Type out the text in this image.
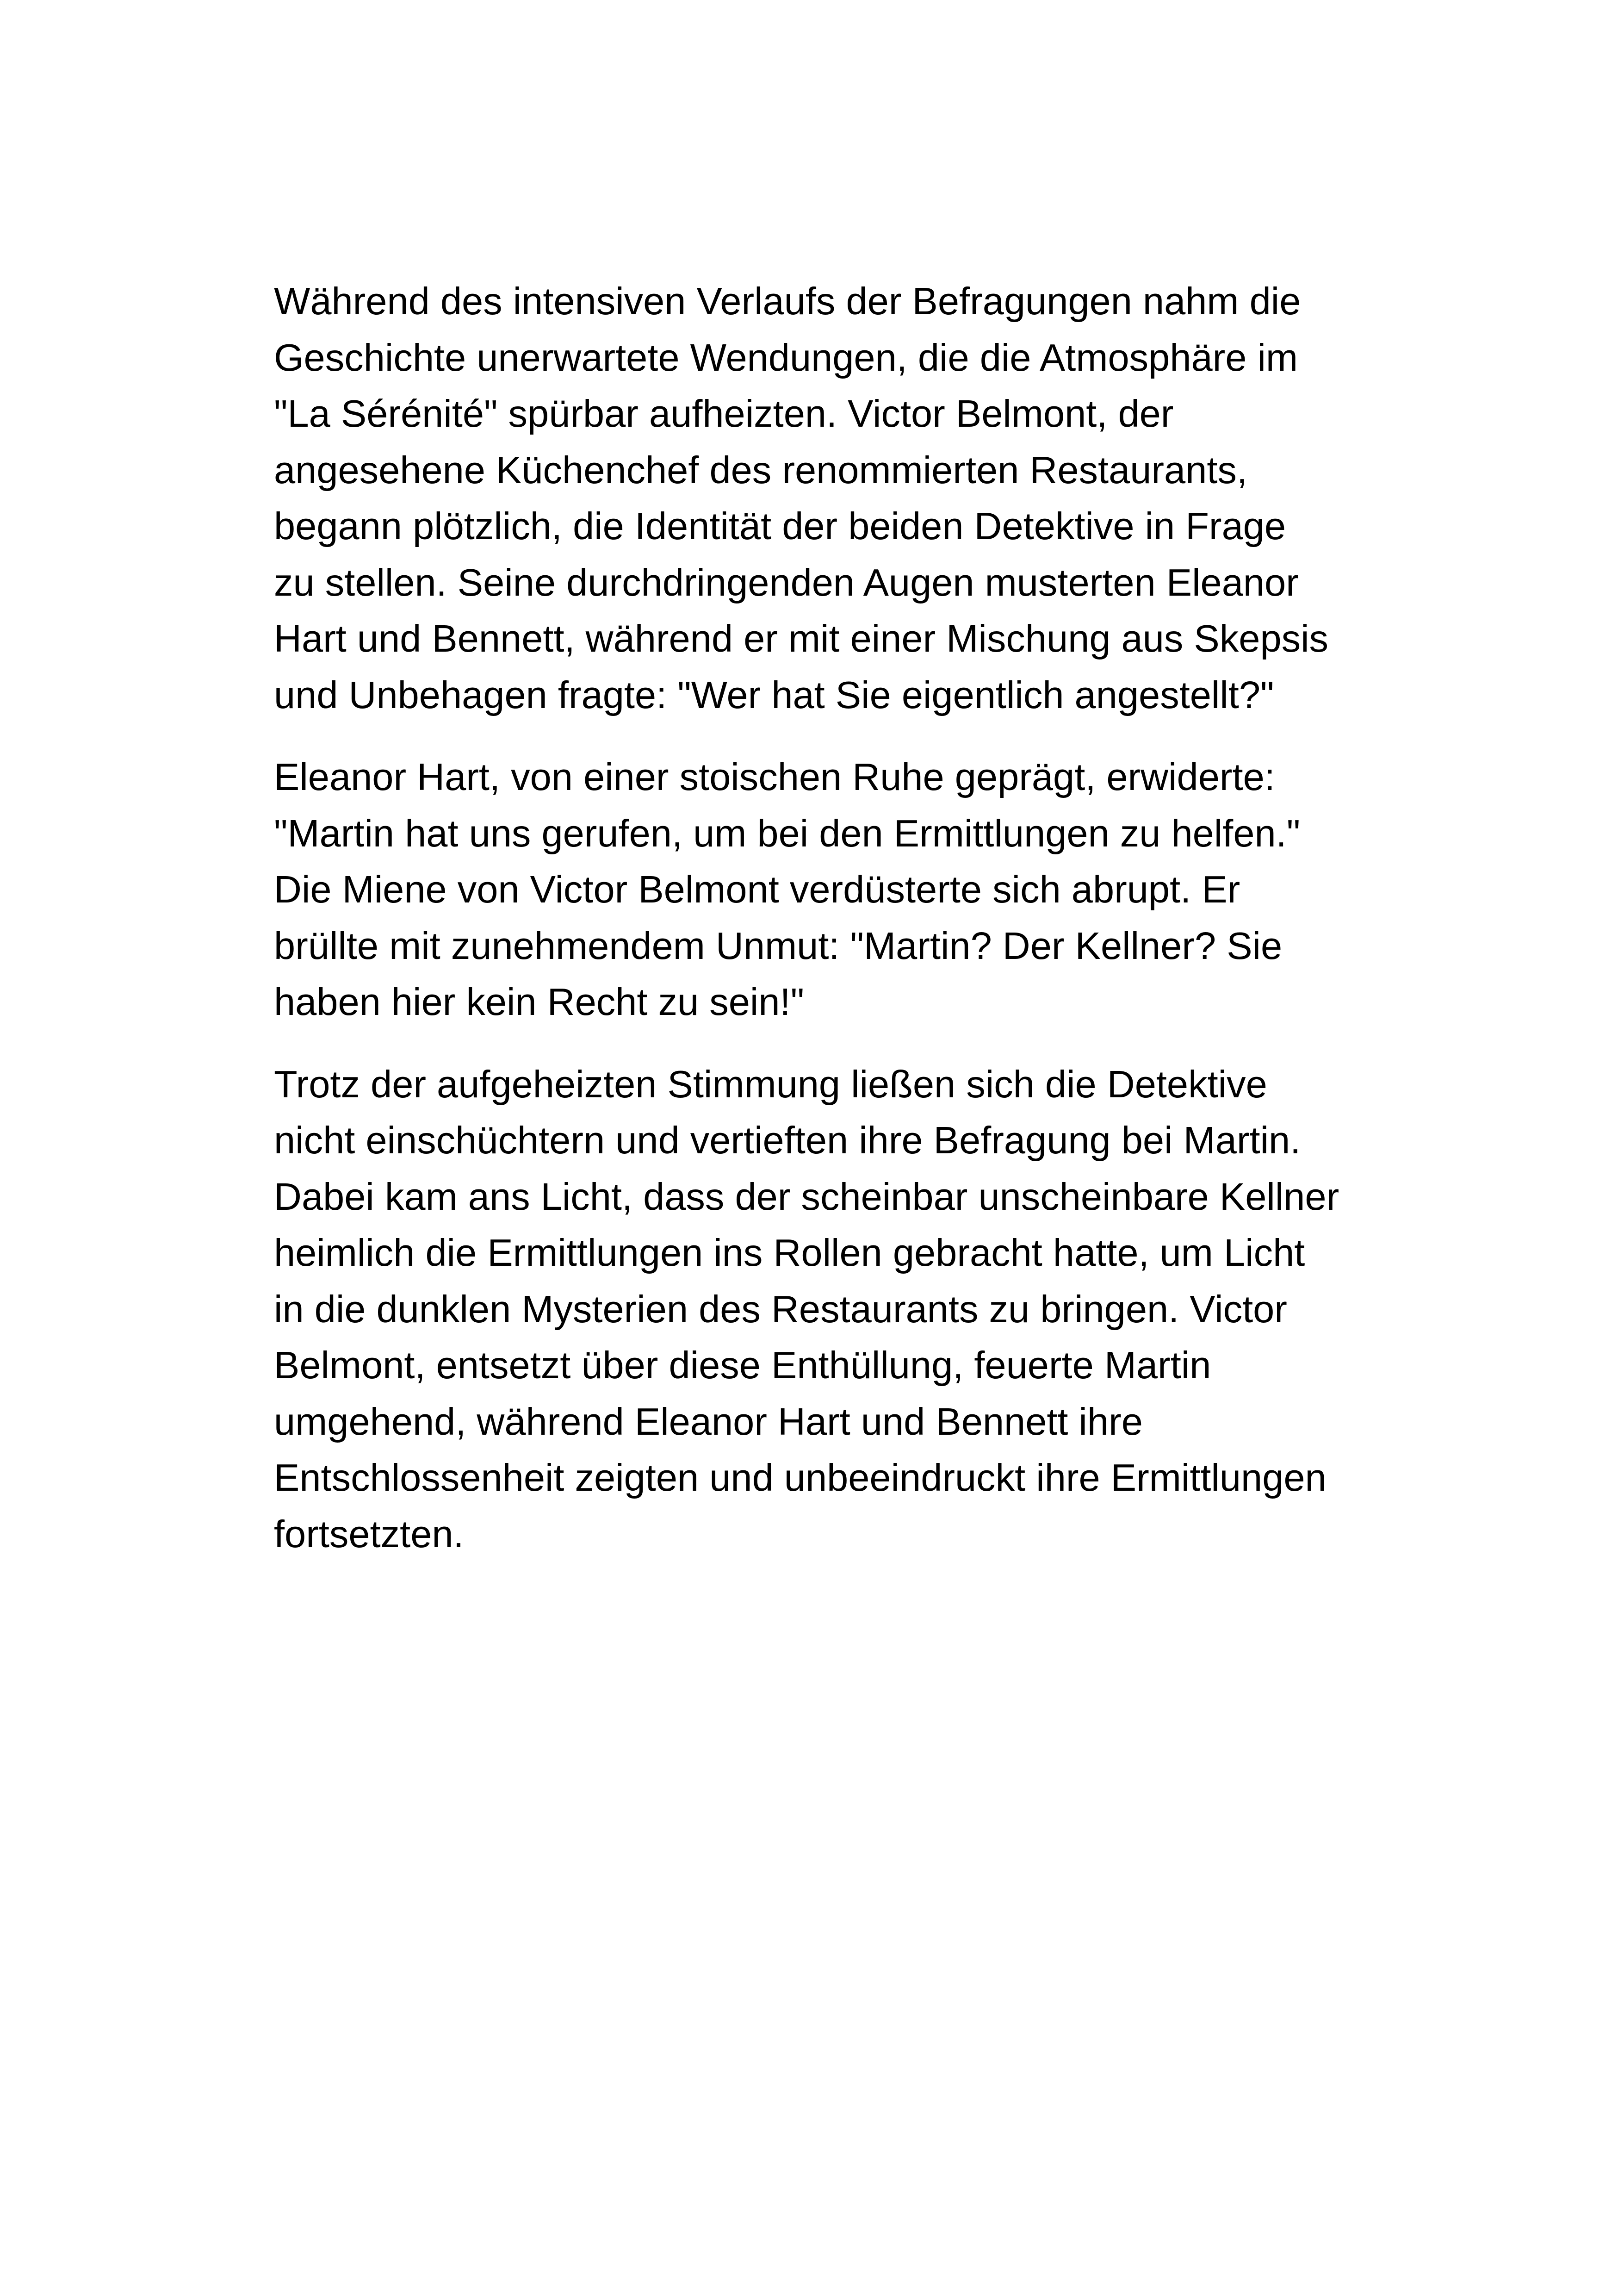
Während des intensiven Verlaufs der Befragungen nahm die
Geschichte unerwartete Wendungen, die die Atmosphäre im
"La Sérénité" spürbar aufheizten. Victor Belmont, der
angesehene Küchenchef des renommierten Restaurants,
begann plötzlich, die Identität der beiden Detektive in Frage
zu stellen. Seine durchdringenden Augen musterten Eleanor
Hart und Bennett, während er mit einer Mischung aus Skepsis
und Unbehagen fragte: "Wer hat Sie eigentlich angestellt?"

Eleanor Hart, von einer stoischen Ruhe geprägt, erwiderte:
"Martin hat uns gerufen, um bei den Ermittlungen zu helfen."
Die Miene von Victor Belmont verdüsterte sich abrupt. Er
brüllte mit zunehmendem Unmut: "Martin? Der Kellner? Sie
haben hier kein Recht zu sein!"

Trotz der aufgeheizten Stimmung ließen sich die Detektive
nicht einschüchtern und vertieften ihre Befragung bei Martin.
Dabei kam ans Licht, dass der scheinbar unscheinbare Kellner
heimlich die Ermittlungen ins Rollen gebracht hatte, um Licht
in die dunklen Mysterien des Restaurants zu bringen. Victor
Belmont, entsetzt über diese Enthüllung, feuerte Martin
umgehend, während Eleanor Hart und Bennett ihre
Entschlossenheit zeigten und unbeeindruckt ihre Ermittlungen
fortsetzten.
